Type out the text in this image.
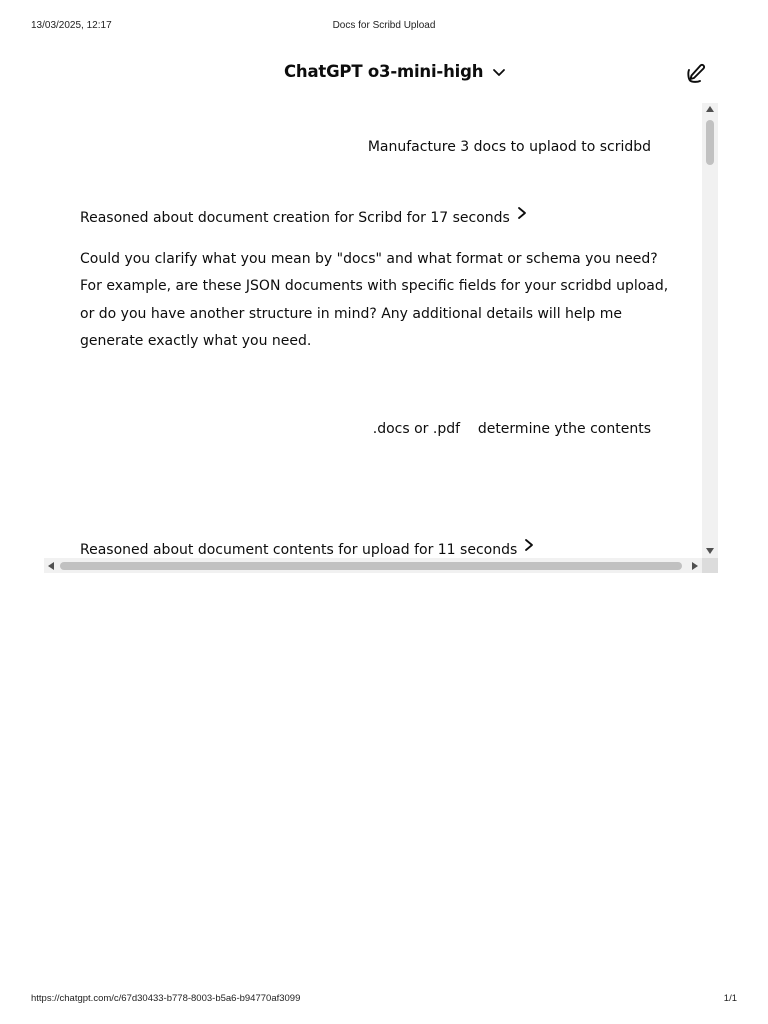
13/03/2025, 12:17	Docs for Scribd Upload
ChatGPT o3-mini-high
Manufacture 3 docs to uplaod to scridbd
Reasoned about document creation for Scribd for 17 seconds
Could you clarify what you mean by "docs" and what format or schema you need? For example, are these JSON documents with specific fields for your scridbd upload, or do you have another structure in mind? Any additional details will help me generate exactly what you need.
.docs or .pdf    determine ythe contents
Reasoned about document contents for upload for 11 seconds
https://chatgpt.com/c/67d30433-b778-8003-b5a6-b94770af3099	1/1
